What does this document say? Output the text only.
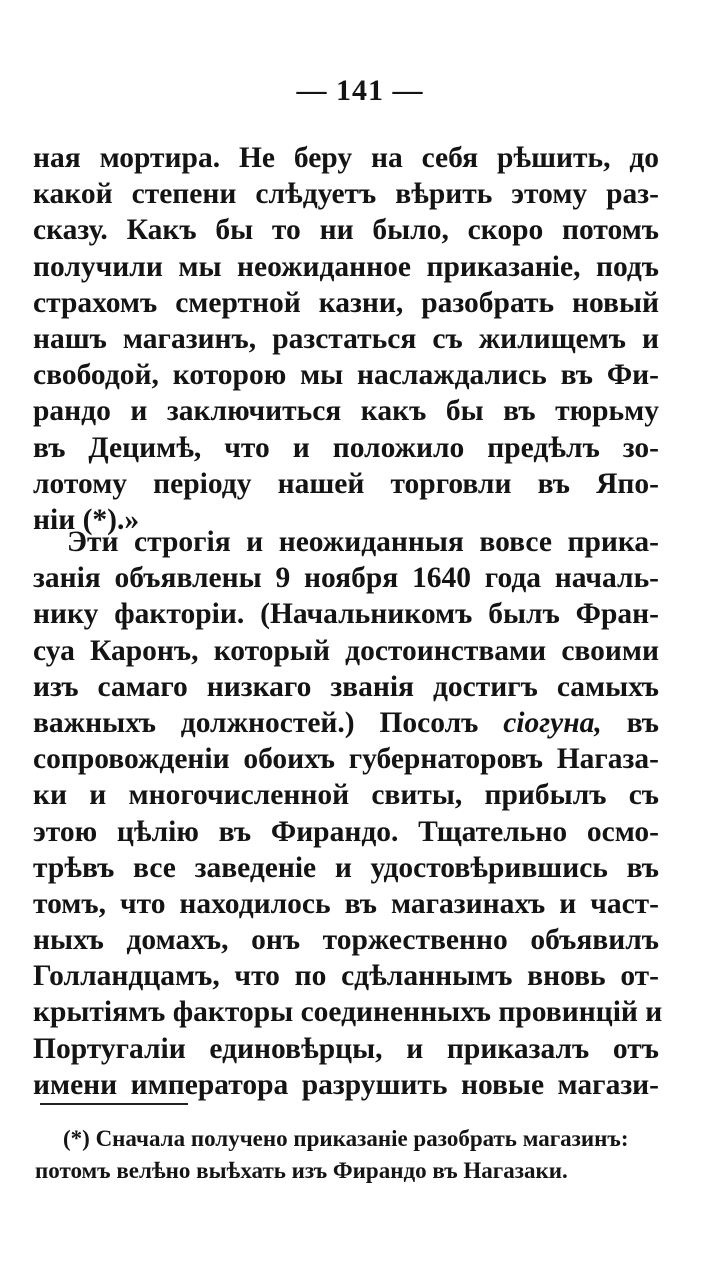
— 141 —
ная мортира. Не беру на себя рѣшить, до
какой степени слѣдуетъ вѣрить этому раз-
сказу. Какъ бы то ни было, скоро потомъ
получили мы неожиданное приказаніе, подъ
страхомъ смертной казни, разобрать новый
нашъ магазинъ, разстаться съ жилищемъ и
свободой, которою мы наслаждались въ Фи-
рандо и заключиться какъ бы въ тюрьму
въ Децимѣ, что и положило предѣлъ зо-
лотому періоду нашей торговли въ Япо-
ніи (*).»
Эти строгія и неожиданныя вовсе прика-
занія объявлены 9 ноября 1640 года началь-
нику факторіи. (Начальникомъ былъ Фран-
суа Каронъ, который достоинствами своими
изъ самаго низкаго званія достигъ самыхъ
важныхъ должностей.) Посолъ сіогуна, въ
сопровожденіи обоихъ губернаторовъ Нагаза-
ки и многочисленной свиты, прибылъ съ
этою цѣлію въ Фирандо. Тщательно осмо-
трѣвъ все заведеніе и удостовѣрившись въ
томъ, что находилось въ магазинахъ и част-
ныхъ домахъ, онъ торжественно объявилъ
Голландцамъ, что по сдѣланнымъ вновь от-
крытіямъ факторы соединенныхъ провинцій и
Португаліи единовѣрцы, и приказалъ отъ
имени императора разрушить новые магази-
(*) Сначала получено приказаніе разобрать магазинъ:
потомъ велѣно выѣхать изъ Фирандо въ Нагазаки.
